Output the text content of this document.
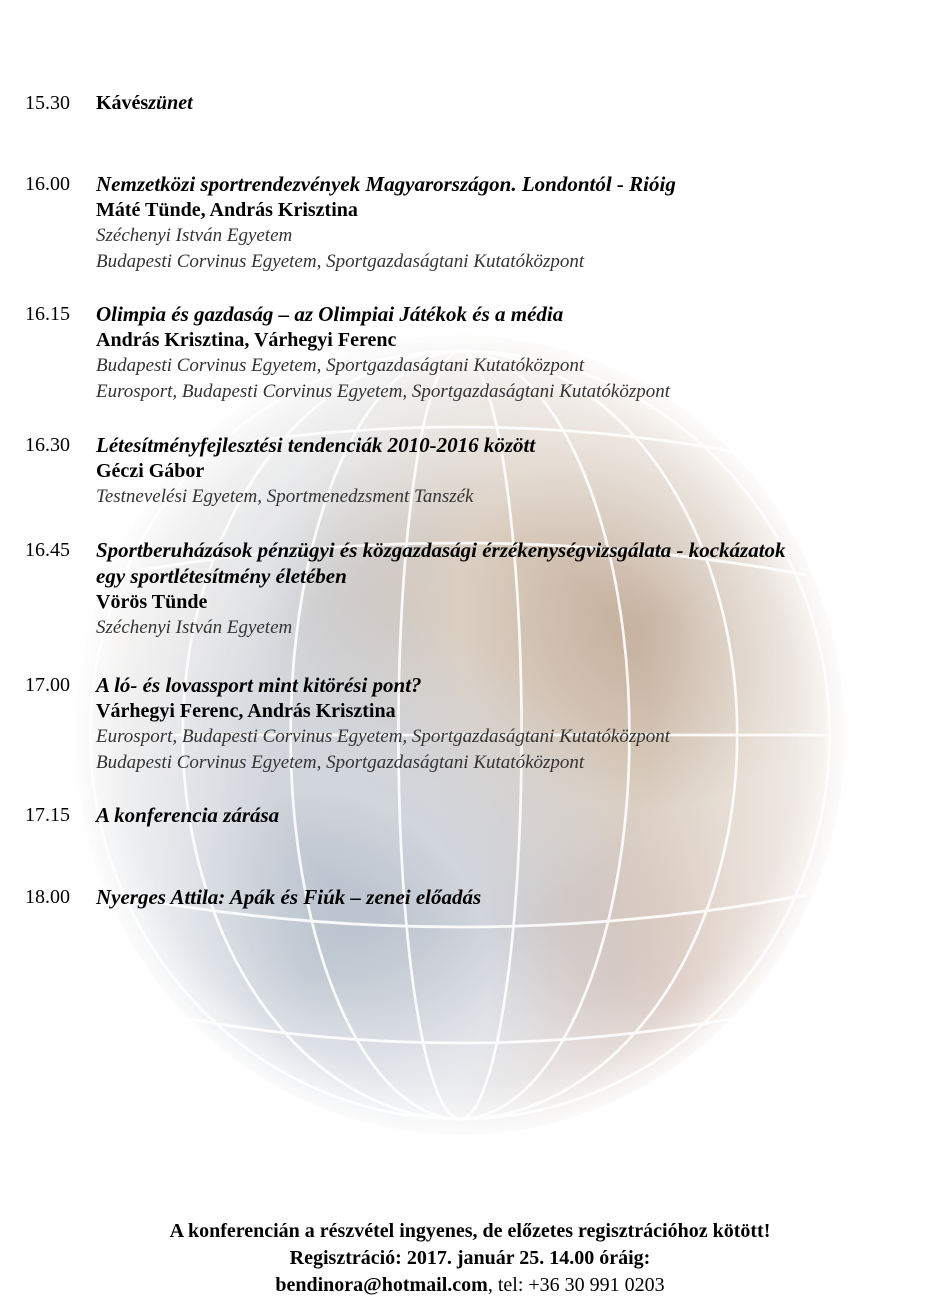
15.30	Kávészünet
16.00	Nemzetközi sportrendezvények Magyarországon. Londontól - Rióig
Máté Tünde, András Krisztina
Széchenyi István Egyetem
Budapesti Corvinus Egyetem, Sportgazdaságtani Kutatóközpont
16.15	Olimpia és gazdaság – az Olimpiai Játékok és a média
András Krisztina, Várhegyi Ferenc
Budapesti Corvinus Egyetem, Sportgazdaságtani Kutatóközpont
Eurosport, Budapesti Corvinus Egyetem, Sportgazdaságtani Kutatóközpont
16.30	Létesítményfejlesztési tendenciák 2010-2016 között
Géczi Gábor
Testnevelési Egyetem, Sportmenedzsment Tanszék
16.45	Sportberuházások pénzügyi és közgazdasági érzékenységvizsgálata - kockázatok
egy sportlétesítmény életében
Vörös Tünde
Széchenyi István Egyetem
17.00	A ló- és lovassport mint kitörési pont?
Várhegyi Ferenc, András Krisztina
Eurosport, Budapesti Corvinus Egyetem, Sportgazdaságtani Kutatóközpont
Budapesti Corvinus Egyetem, Sportgazdaságtani Kutatóközpont
17.15	A konferencia zárása
18.00	Nyerges Attila: Apák és Fiúk – zenei előadás
A konferencián a részvétel ingyenes, de előzetes regisztrációhoz kötött!
Regisztráció: 2017. január 25. 14.00 óráig:
bendinora@hotmail.com, tel: +36 30 991 0203
